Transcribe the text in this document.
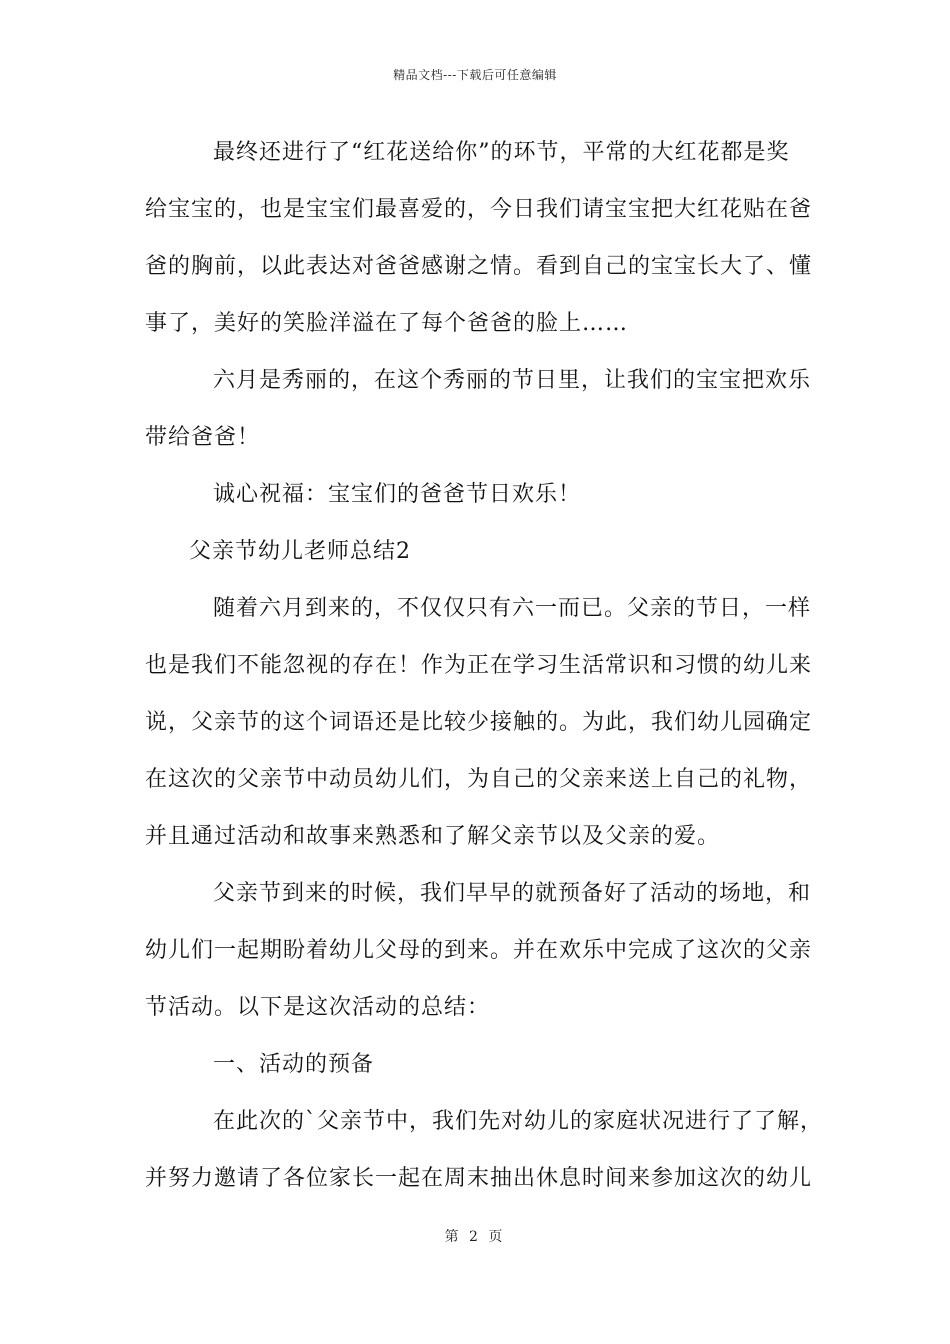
精品文档---下载后可任意编辑
最终还进行了“红花送给你”的环节，平常的大红花都是奖
给宝宝的，也是宝宝们最喜爱的，今日我们请宝宝把大红花贴在爸
爸的胸前，以此表达对爸爸感谢之情。看到自己的宝宝长大了、懂
事了，美好的笑脸洋溢在了每个爸爸的脸上……
六月是秀丽的，在这个秀丽的节日里，让我们的宝宝把欢乐
带给爸爸！
诚心祝福：宝宝们的爸爸节日欢乐！
父亲节幼儿老师总结2
随着六月到来的，不仅仅只有六一而已。父亲的节日，一样
也是我们不能忽视的存在！作为正在学习生活常识和习惯的幼儿来
说，父亲节的这个词语还是比较少接触的。为此，我们幼儿园确定
在这次的父亲节中动员幼儿们，为自己的父亲来送上自己的礼物，
并且通过活动和故事来熟悉和了解父亲节以及父亲的爱。
父亲节到来的时候，我们早早的就预备好了活动的场地，和
幼儿们一起期盼着幼儿父母的到来。并在欢乐中完成了这次的父亲
节活动。以下是这次活动的总结：
一、活动的预备
在此次的`父亲节中，我们先对幼儿的家庭状况进行了了解，
并努力邀请了各位家长一起在周末抽出休息时间来参加这次的幼儿
第 2 页
